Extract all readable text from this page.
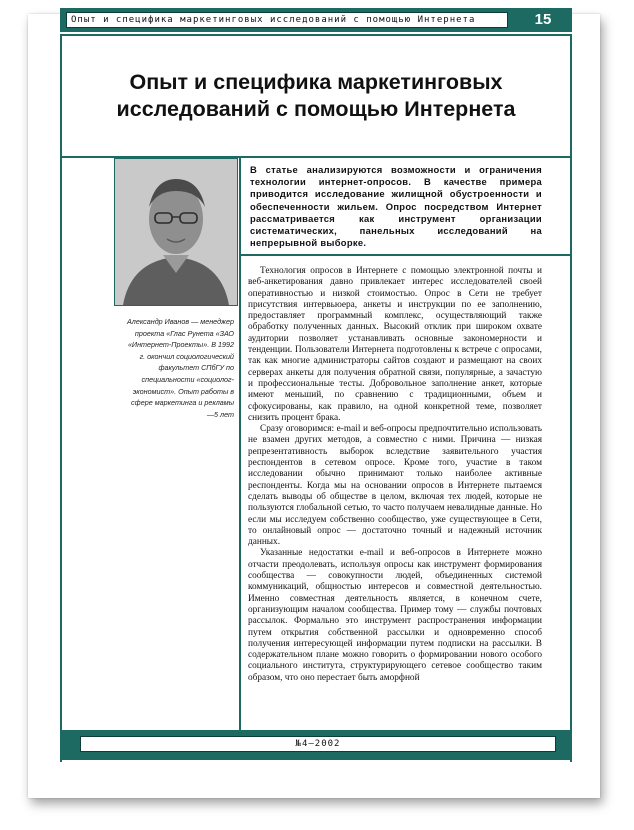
Опыт и специфика маркетинговых исследований с помощью Интернета	15
Опыт и специфика маркетинговых исследований с помощью Интернета
В статье анализируются возможности и ограничения технологии интернет-опросов. В качестве примера приводится исследование жилищной обустроенности и обеспеченности жильем. Опрос посредством Интернет рассматривается как инструмент организации систематических, панельных исследований на непрерывной выборке.
Александр Иванов — менеджер проекта «Глас Рунета «ЗАО «Интернет-Проекты». В 1992 г. окончил социологический факультет СПбГУ по специальности «социолог-экономист». Опыт работы в сфере маркетинга и рекламы —5 лет

Технология опросов в Интернете с помощью электронной почты и веб-анкетирования давно привлекает интерес исследователей своей оперативностью и низкой стоимостью. Опрос в Сети не требует присутствия интервьюера, анкеты и инструкции по ее заполнению, предоставляет программный комплекс, осуществляющий также обработку полученных данных. Высокий отклик при широком охвате аудитории позволяет устанавливать основные закономерности и тенденции. Пользователи Интернета подготовлены к встрече с опросами, так как многие администраторы сайтов создают и размещают на своих серверах анкеты для получения обратной связи, популярные, а зачастую и профессиональные тесты. Добровольное заполнение анкет, которые имеют меньший, по сравнению с традиционными, объем и сфокусированы, как правило, на одной конкретной теме, позволяет снизить процент брака.

Сразу оговоримся: e-mail и веб-опросы предпочтительно использовать не взамен других методов, а совместно с ними. Причина — низкая репрезентативность выборок вследствие заявительного участия респондентов в сетевом опросе. Кроме того, участие в таком исследовании обычно принимают только наиболее активные респонденты. Когда мы на основании опросов в Интернете пытаемся сделать выводы об обществе в целом, включая тех людей, которые не пользуются глобальной сетью, то часто получаем невалидные данные. Но если мы исследуем собственно сообщество, уже существующее в Сети, то онлайновый опрос — достаточно точный и надежный источник данных.

Указанные недостатки e-mail и веб-опросов в Интернете можно отчасти преодолевать, используя опросы как инструмент формирования сообщества — совокупности людей, объединенных системой коммуникаций, общностью интересов и совместной деятельностью. Именно совместная деятельность является, в конечном счете, организующим началом сообщества. Пример тому — службы почтовых рассылок. Формально это инструмент распространения информации путем открытия собственной рассылки и одновременно способ получения интересующей информации путем подписки на рассылки. В содержательном плане можно говорить о формировании нового особого социального института, структурирующего сетевое сообщество таким образом, что оно перестает быть аморфной

№4–2002
